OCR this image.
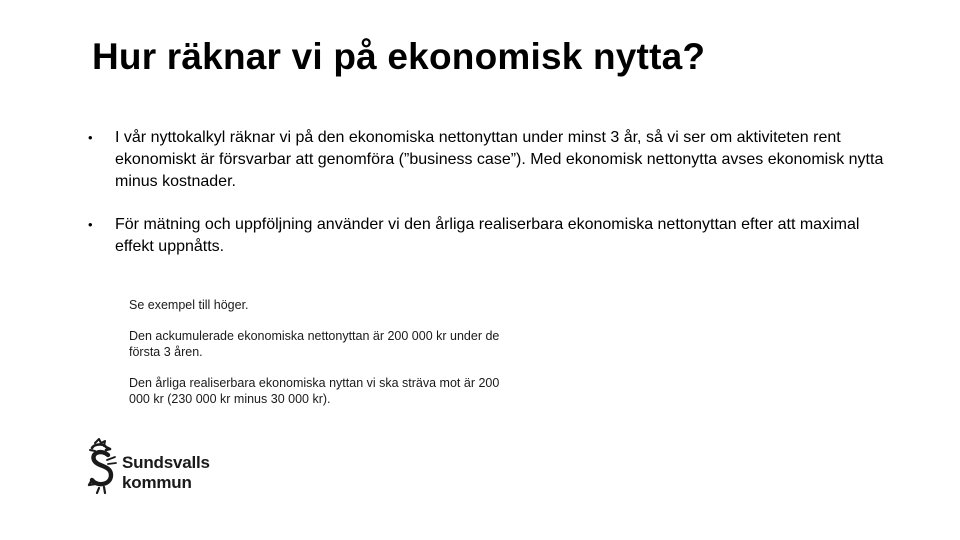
Hur räknar vi på ekonomisk nytta?
• I vår nyttokalkyl räknar vi på den ekonomiska nettonyttan under minst 3 år, så vi ser om aktiviteten rent ekonomiskt är försvarbar att genomföra (”business case”). Med ekonomisk nettonytta avses ekonomisk nytta minus kostnader.
• För mätning och uppföljning använder vi den årliga realiserbara ekonomiska nettonyttan efter att maximal effekt uppnåtts.

Se exempel till höger.

Den ackumulerade ekonomiska nettonyttan är 200 000 kr under de första 3 åren.

Den årliga realiserbara ekonomiska nyttan vi ska sträva mot är 200 000 kr (230 000 kr minus 30 000 kr).

Sundsvalls
kommun
